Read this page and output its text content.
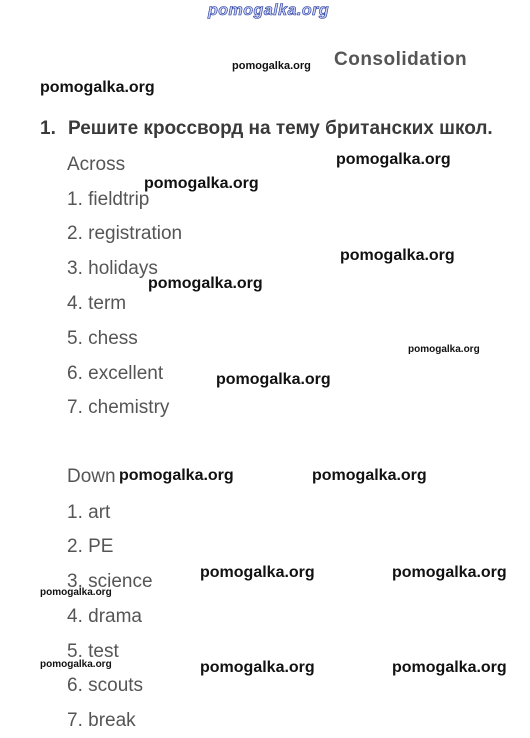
pomogalka.org
Consolidation
1. Решите кроссворд на тему британских школ.
Across
1. fieldtrip
2. registration
3. holidays
4. term
5. chess
6. excellent
7. chemistry
Down
1. art
2. PE
3. science
4. drama
5. test
6. scouts
7. break
pomogalka.org
pomogalka.org
pomogalka.org
pomogalka.org
pomogalka.org
pomogalka.org
pomogalka.org
pomogalka.org
pomogalka.org	pomogalka.org
pomogalka.org	pomogalka.org
pomogalka.org
pomogalka.org	pomogalka.org
pomogalka.org
